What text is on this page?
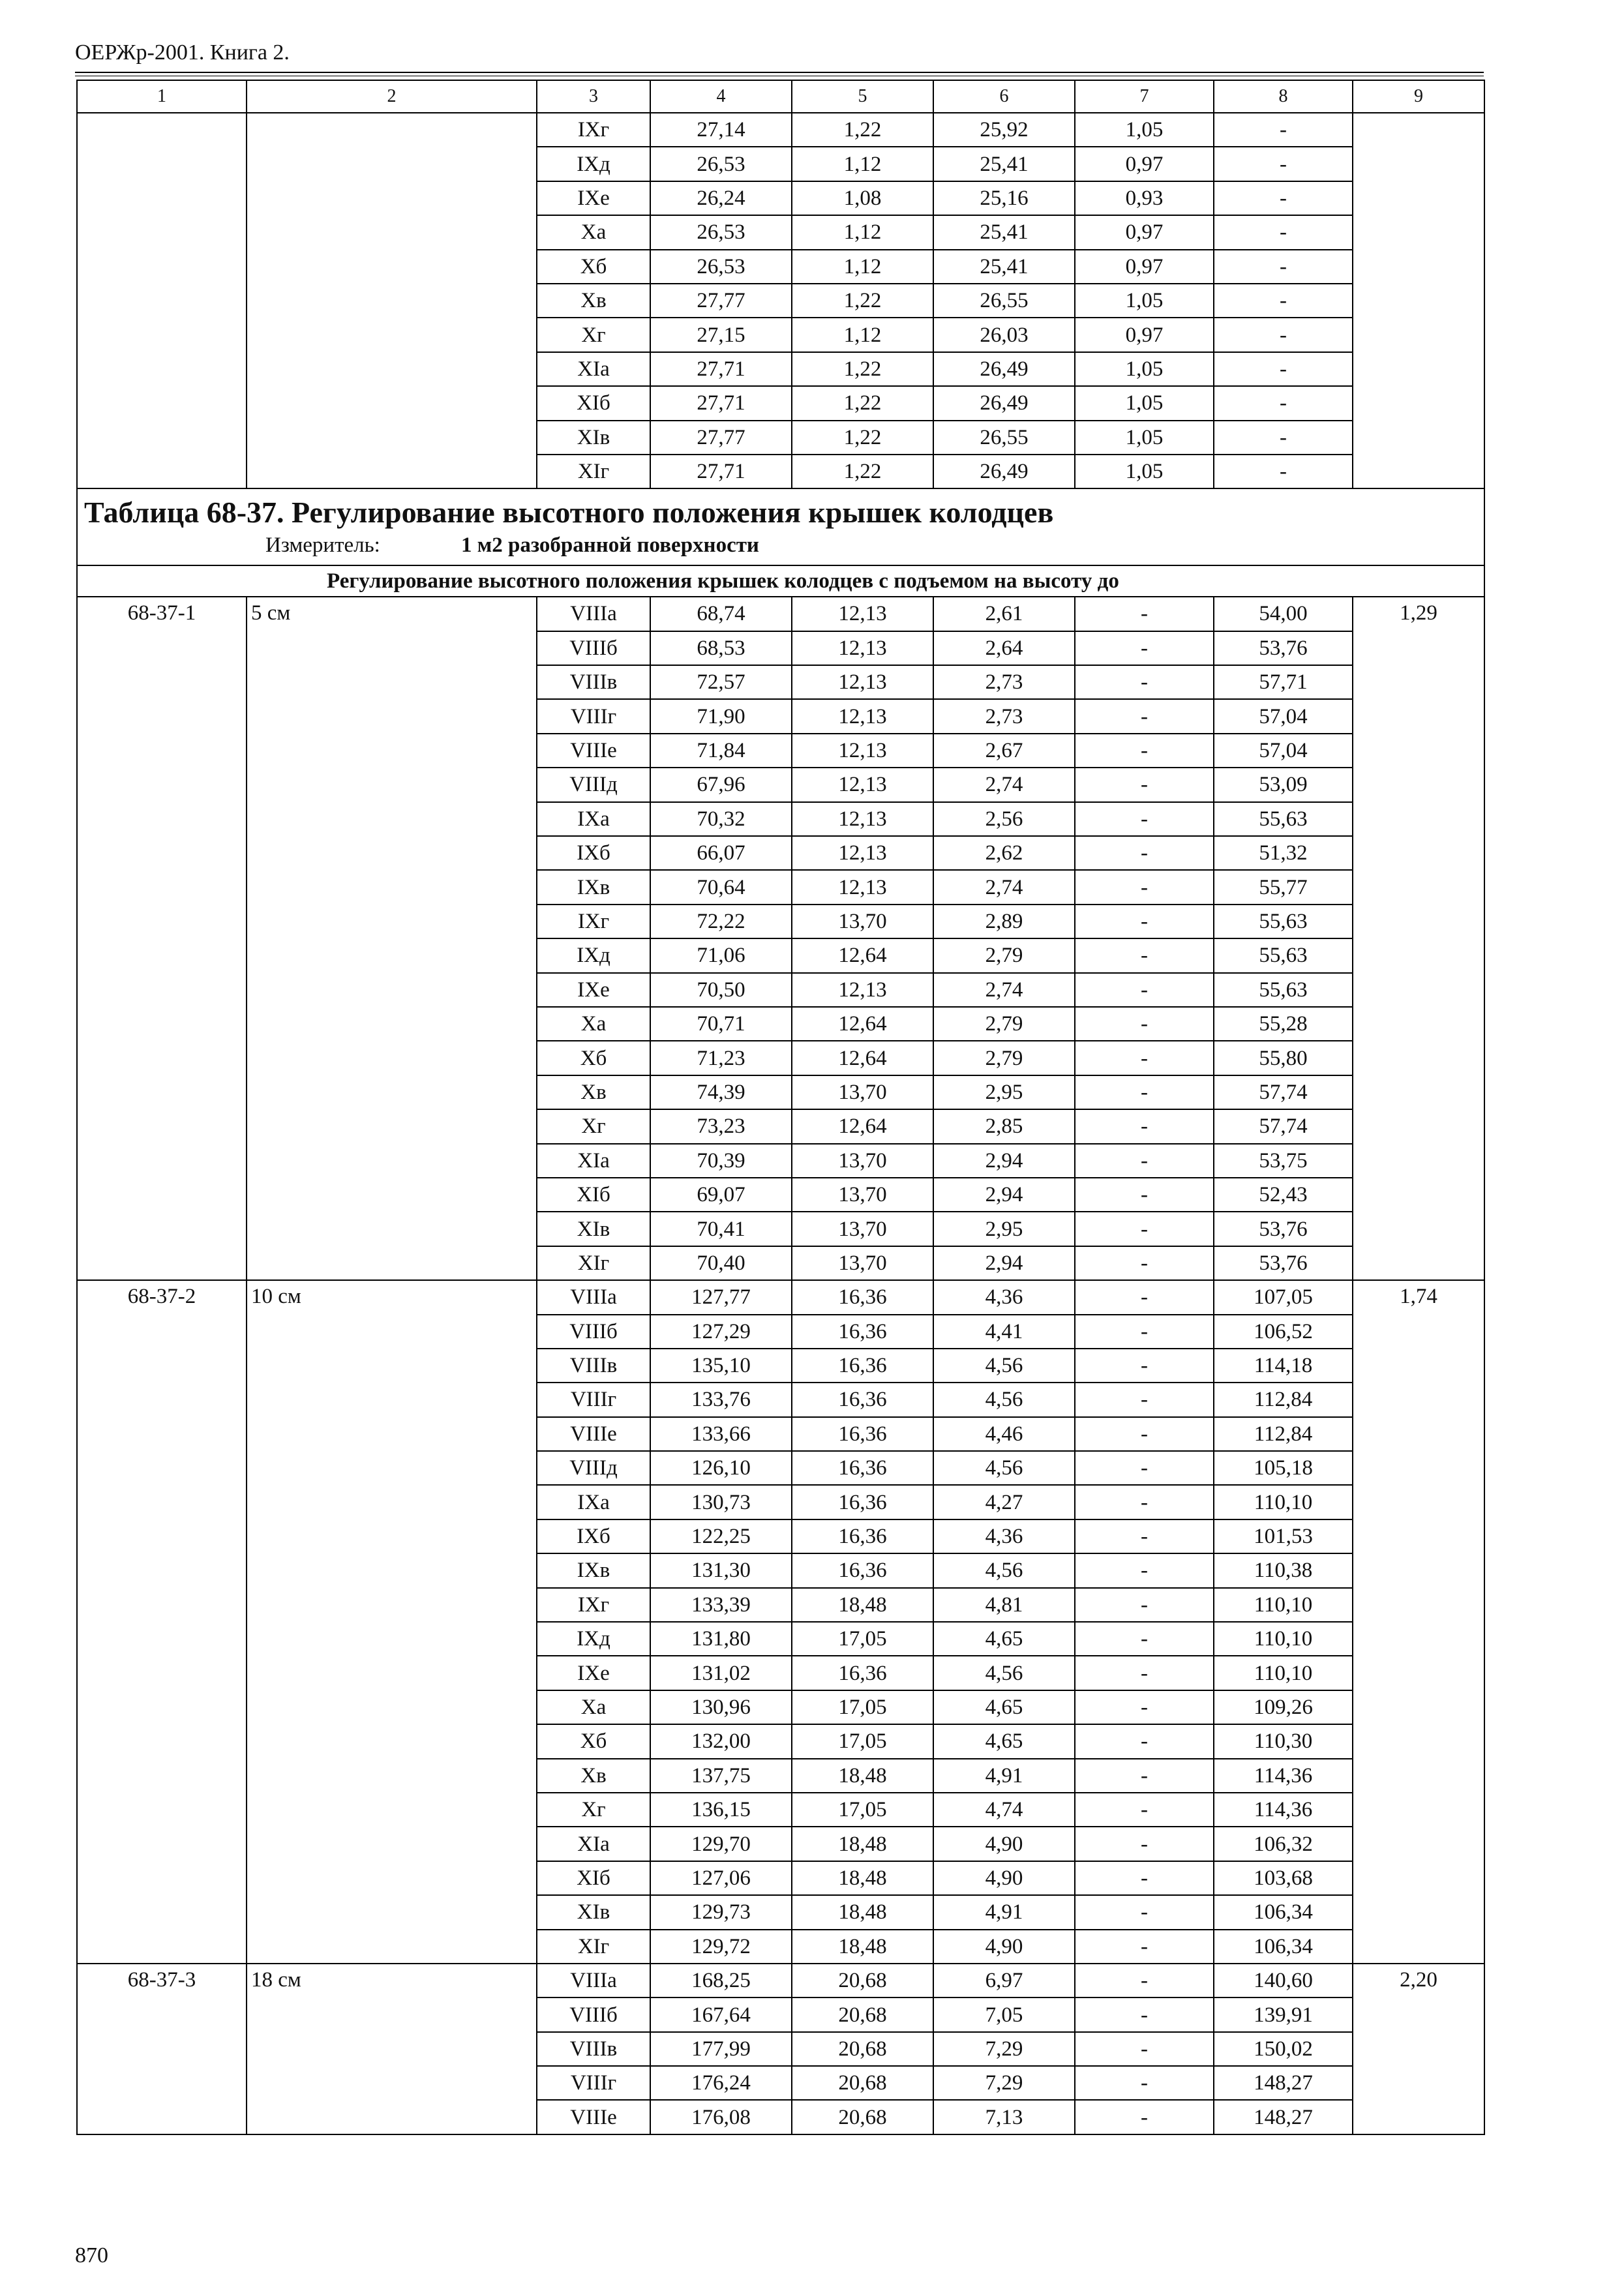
ОЕРЖр-2001. Книга 2.
1	2	3	4	5	6	7	8	9
		IXг	27,14	1,22	25,92	1,05	-	
		IXд	26,53	1,12	25,41	0,97	-	
		IXе	26,24	1,08	25,16	0,93	-	
		Xа	26,53	1,12	25,41	0,97	-	
		Xб	26,53	1,12	25,41	0,97	-	
		Xв	27,77	1,22	26,55	1,05	-	
		Xг	27,15	1,12	26,03	0,97	-	
		XIа	27,71	1,22	26,49	1,05	-	
		XIб	27,71	1,22	26,49	1,05	-	
		XIв	27,77	1,22	26,55	1,05	-	
		XIг	27,71	1,22	26,49	1,05	-	

Таблица 68-37. Регулирование высотного положения крышек колодцев
Измеритель: 1 м2 разобранной поверхности								

Регулирование высотного положения крышек колодцев с подъемом на высоту до								
68-37-1	5 см	VIIIа	68,74	12,13	2,61	-	54,00	1,29
		VIIIб	68,53	12,13	2,64	-	53,76	
		VIIIв	72,57	12,13	2,73	-	57,71	
		VIIIг	71,90	12,13	2,73	-	57,04	
		VIIIе	71,84	12,13	2,67	-	57,04	
		VIIIд	67,96	12,13	2,74	-	53,09	
		IXа	70,32	12,13	2,56	-	55,63	
		IXб	66,07	12,13	2,62	-	51,32	
		IXв	70,64	12,13	2,74	-	55,77	
		IXг	72,22	13,70	2,89	-	55,63	
		IXд	71,06	12,64	2,79	-	55,63	
		IXе	70,50	12,13	2,74	-	55,63	
		Xа	70,71	12,64	2,79	-	55,28	
		Xб	71,23	12,64	2,79	-	55,80	
		Xв	74,39	13,70	2,95	-	57,74	
		Xг	73,23	12,64	2,85	-	57,74	
		XIа	70,39	13,70	2,94	-	53,75	
		XIб	69,07	13,70	2,94	-	52,43	
		XIв	70,41	13,70	2,95	-	53,76	
		XIг	70,40	13,70	2,94	-	53,76	
68-37-2	10 см	VIIIа	127,77	16,36	4,36	-	107,05	1,74
		VIIIб	127,29	16,36	4,41	-	106,52	
		VIIIв	135,10	16,36	4,56	-	114,18	
		VIIIг	133,76	16,36	4,56	-	112,84	
		VIIIе	133,66	16,36	4,46	-	112,84	
		VIIIд	126,10	16,36	4,56	-	105,18	
		IXа	130,73	16,36	4,27	-	110,10	
		IXб	122,25	16,36	4,36	-	101,53	
		IXв	131,30	16,36	4,56	-	110,38	
		IXг	133,39	18,48	4,81	-	110,10	
		IXд	131,80	17,05	4,65	-	110,10	
		IXе	131,02	16,36	4,56	-	110,10	
		Xа	130,96	17,05	4,65	-	109,26	
		Xб	132,00	17,05	4,65	-	110,30	
		Xв	137,75	18,48	4,91	-	114,36	
		Xг	136,15	17,05	4,74	-	114,36	
		XIа	129,70	18,48	4,90	-	106,32	
		XIб	127,06	18,48	4,90	-	103,68	
		XIв	129,73	18,48	4,91	-	106,34	
		XIг	129,72	18,48	4,90	-	106,34	
68-37-3	18 см	VIIIа	168,25	20,68	6,97	-	140,60	2,20
		VIIIб	167,64	20,68	7,05	-	139,91	
		VIIIв	177,99	20,68	7,29	-	150,02	
		VIIIг	176,24	20,68	7,29	-	148,27	
		VIIIе	176,08	20,68	7,13	-	148,27	
870
